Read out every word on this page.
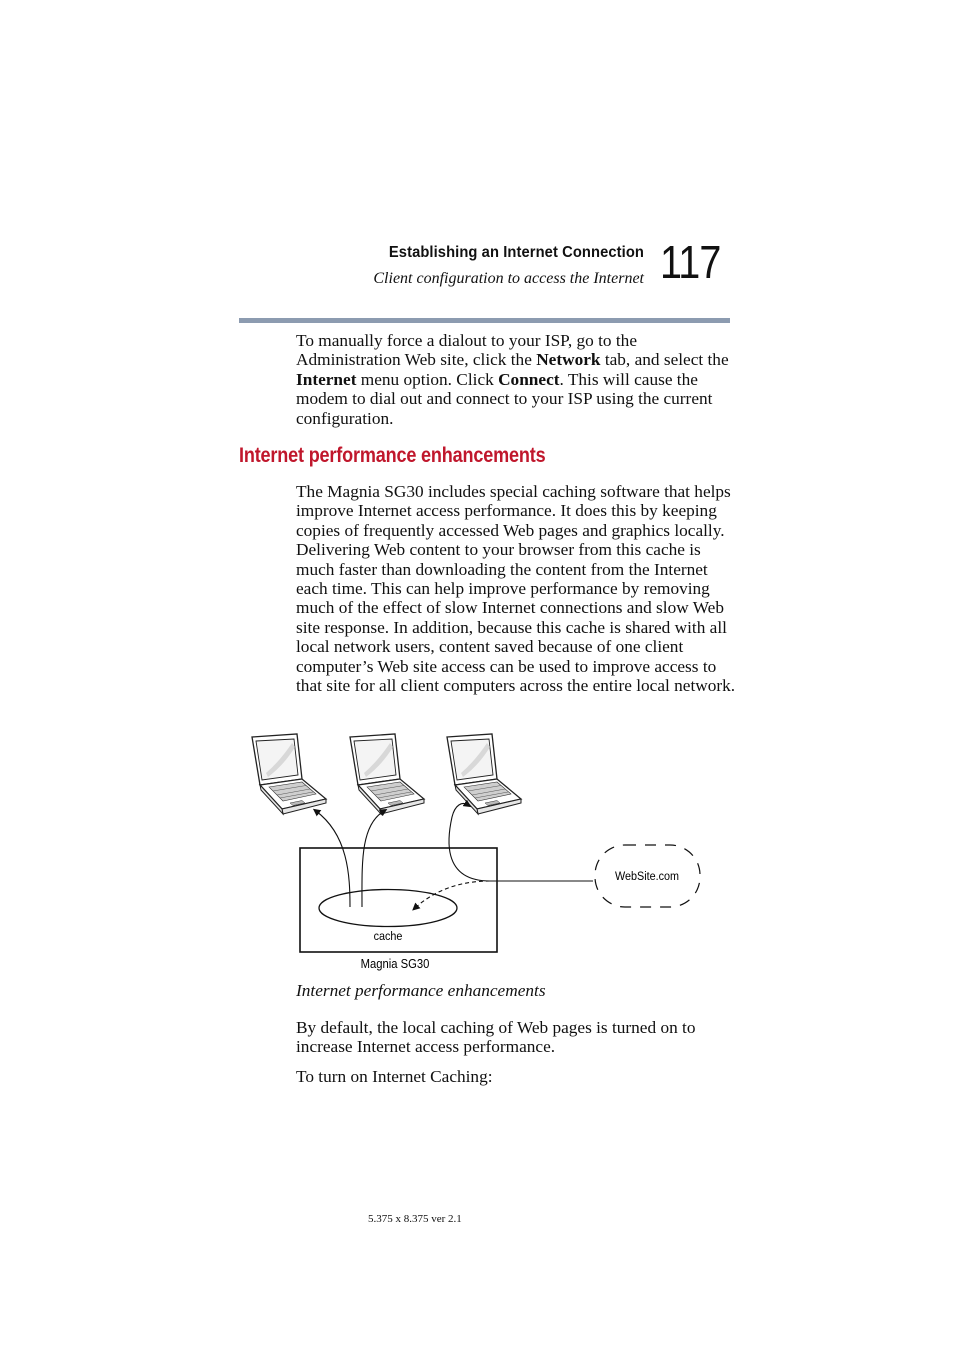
Establishing an Internet Connection
Client configuration to access the Internet 117

To manually force a dialout to your ISP, go to the Administration Web site, click the Network tab, and select the Internet menu option. Click Connect. This will cause the modem to dial out and connect to your ISP using the current configuration.

Internet performance enhancements

The Magnia SG30 includes special caching software that helps improve Internet access performance. It does this by keeping copies of frequently accessed Web pages and graphics locally. Delivering Web content to your browser from this cache is much faster than downloading the content from the Internet each time. This can help improve performance by removing much of the effect of slow Internet connections and slow Web site response. In addition, because this cache is shared with all local network users, content saved because of one client computer’s Web site access can be used to improve access to that site for all client computers across the entire local network.

WebSite.com
cache
Magnia SG30
Internet performance enhancements

By default, the local caching of Web pages is turned on to increase Internet access performance.

To turn on Internet Caching:

5.375 x 8.375 ver 2.1
